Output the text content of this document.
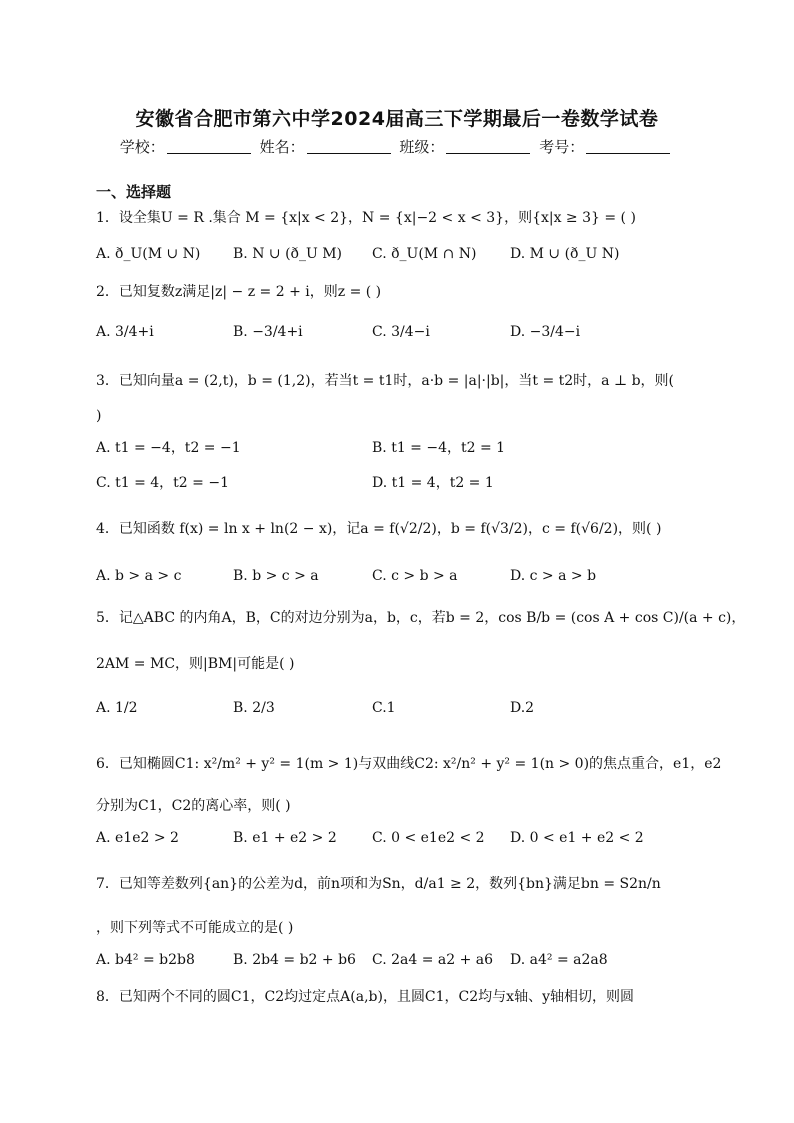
安徽省合肥市第六中学2024届高三下学期最后一卷数学试卷
学校：	姓名：	班级：	考号：
一、选择题
1．设全集U = R .集合 M = {x|x < 2}，N = {x|−2 < x < 3}，则{x|x ≥ 3} = ( )
A. ð_U(M ∪ N) B. N ∪ (ð_U M) C. ð_U(M ∩ N) D. M ∪ (ð_U N)
2．已知复数z满足|z| − z = 2 + i，则z = ( )
A. 3/4+i	B. −3/4+i	C. 3/4−i	D. −3/4−i
3．已知向量a = (2,t)，b = (1,2)，若当t = t1时，a·b = |a|·|b|，当t = t2时，a ⊥ b，则(
)
A. t1 = −4，t2 = −1	B. t1 = −4，t2 = 1
C. t1 = 4，t2 = −1	D. t1 = 4，t2 = 1
4．已知函数 f(x) = ln x + ln(2 − x)，记a = f(√2/2)，b = f(√3/2)，c = f(√6/2)，则( )
A. b > a > c	B. b > c > a	C. c > b > a	D. c > a > b
5．记△ABC 的内角A，B，C的对边分别为a，b，c，若b = 2，cos B/b = (cos A + cos C)/(a + c)，
2AM = MC，则|BM|可能是( )
A. 1/2	B. 2/3	C.1	D.2
6．已知椭圆C1: x²/m² + y² = 1(m > 1)与双曲线C2: x²/n² + y² = 1(n > 0)的焦点重合，e1，e2
分别为C1，C2的离心率，则( )
A. e1e2 > 2	B. e1 + e2 > 2	C. 0 < e1e2 < 2 D. 0 < e1 + e2 < 2
7．已知等差数列{an}的公差为d，前n项和为Sn，d/a1 ≥ 2，数列{bn}满足bn = S2n/n
，则下列等式不可能成立的是( )
A. b4² = b2b8	B. 2b4 = b2 + b6 C. 2a4 = a2 + a6 D. a4² = a2a8
8．已知两个不同的圆C1，C2均过定点A(a,b)，且圆C1，C2均与x轴、y轴相切，则圆
